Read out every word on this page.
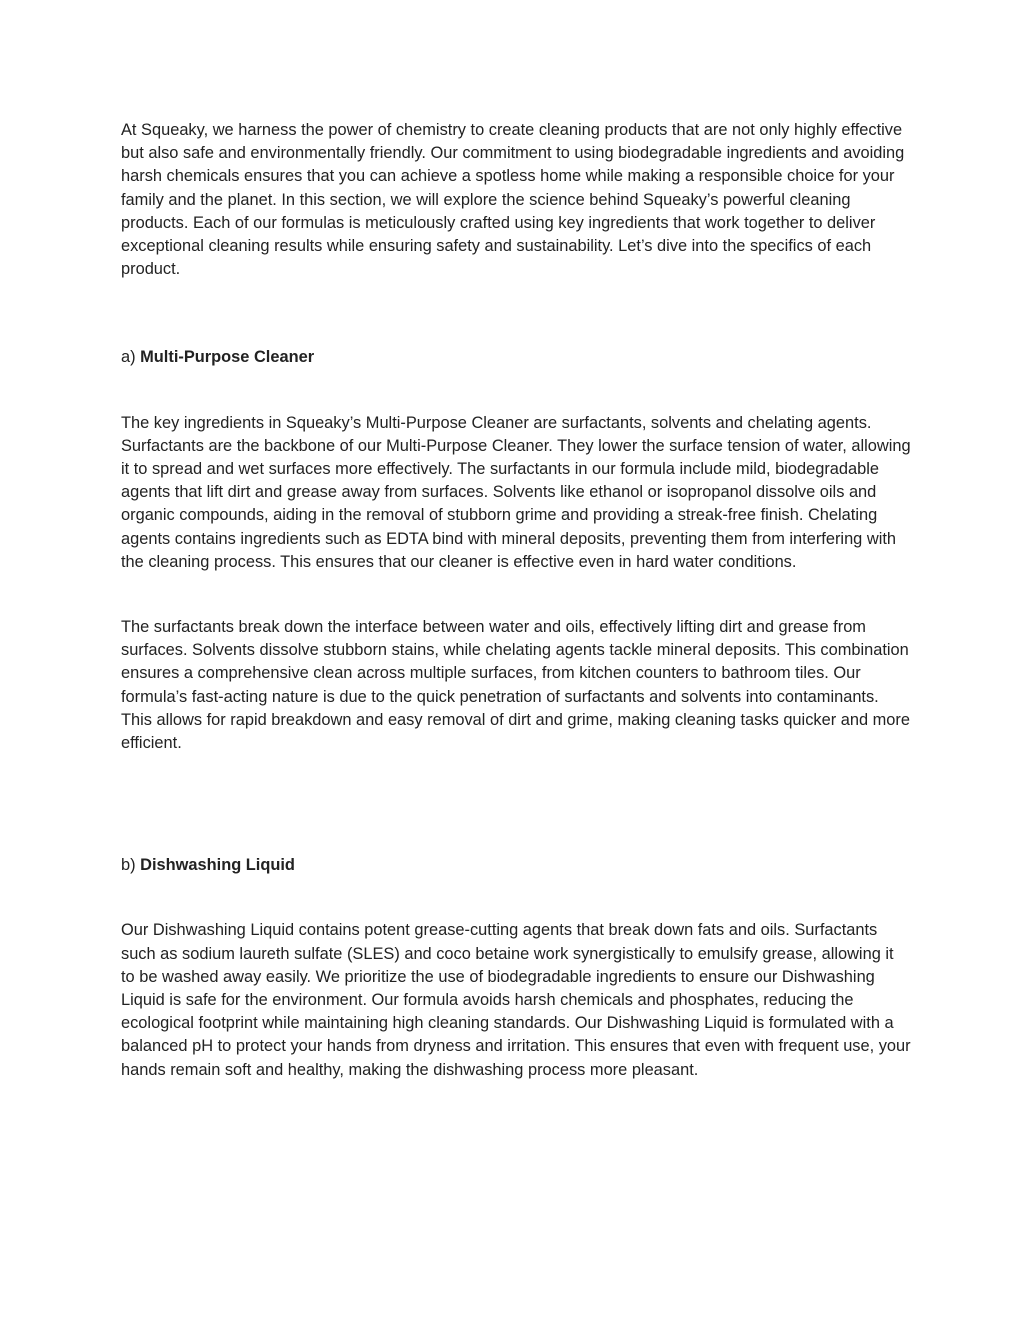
At Squeaky, we harness the power of chemistry to create cleaning products that are not only highly effective but also safe and environmentally friendly. Our commitment to using biodegradable ingredients and avoiding harsh chemicals ensures that you can achieve a spotless home while making a responsible choice for your family and the planet. In this section, we will explore the science behind Squeaky’s powerful cleaning products. Each of our formulas is meticulously crafted using key ingredients that work together to deliver exceptional cleaning results while ensuring safety and sustainability. Let’s dive into the specifics of each product.

a) Multi-Purpose Cleaner

The key ingredients in Squeaky’s Multi-Purpose Cleaner are surfactants, solvents and chelating agents. Surfactants are the backbone of our Multi-Purpose Cleaner. They lower the surface tension of water, allowing it to spread and wet surfaces more effectively. The surfactants in our formula include mild, biodegradable agents that lift dirt and grease away from surfaces. Solvents like ethanol or isopropanol dissolve oils and organic compounds, aiding in the removal of stubborn grime and providing a streak-free finish. Chelating agents contains ingredients such as EDTA bind with mineral deposits, preventing them from interfering with the cleaning process. This ensures that our cleaner is effective even in hard water conditions.

The surfactants break down the interface between water and oils, effectively lifting dirt and grease from surfaces. Solvents dissolve stubborn stains, while chelating agents tackle mineral deposits. This combination ensures a comprehensive clean across multiple surfaces, from kitchen counters to bathroom tiles. Our formula’s fast-acting nature is due to the quick penetration of surfactants and solvents into contaminants. This allows for rapid breakdown and easy removal of dirt and grime, making cleaning tasks quicker and more efficient.

b) Dishwashing Liquid

Our Dishwashing Liquid contains potent grease-cutting agents that break down fats and oils. Surfactants such as sodium laureth sulfate (SLES) and coco betaine work synergistically to emulsify grease, allowing it to be washed away easily. We prioritize the use of biodegradable ingredients to ensure our Dishwashing Liquid is safe for the environment. Our formula avoids harsh chemicals and phosphates, reducing the ecological footprint while maintaining high cleaning standards. Our Dishwashing Liquid is formulated with a balanced pH to protect your hands from dryness and irritation. This ensures that even with frequent use, your hands remain soft and healthy, making the dishwashing process more pleasant.
